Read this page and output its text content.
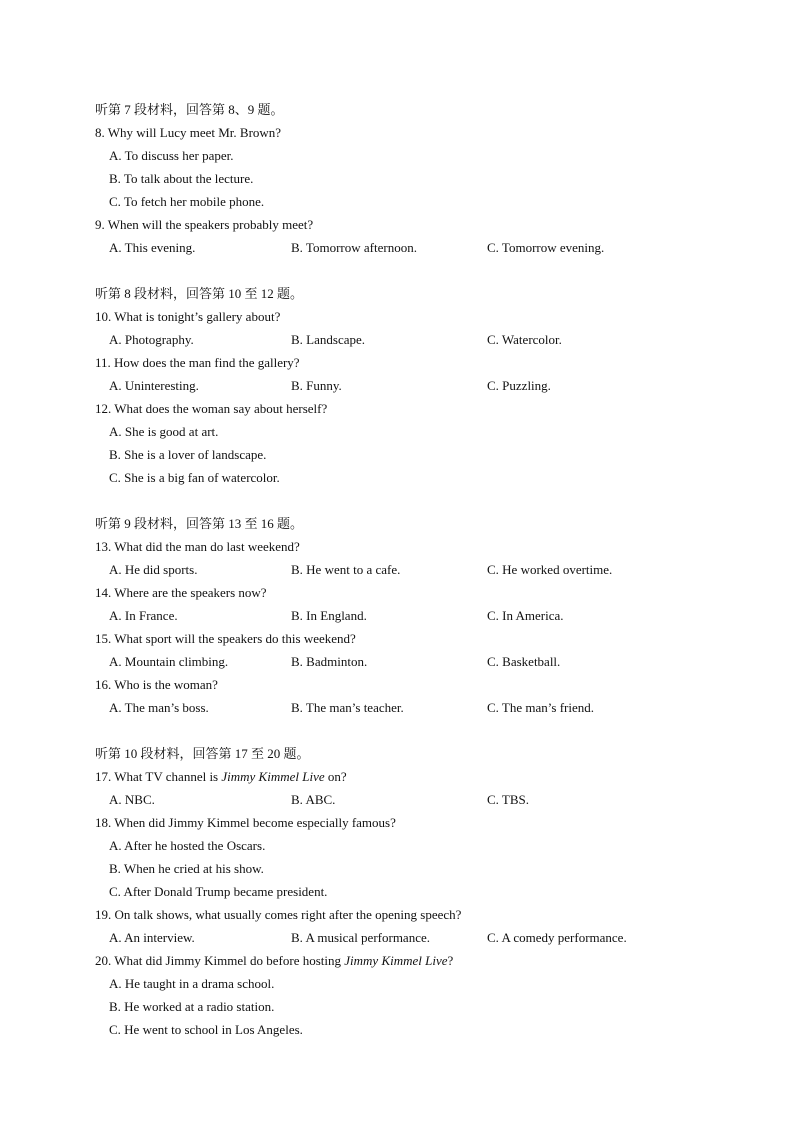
听第 7 段材料，回答第 8、9 题。
8. Why will Lucy meet Mr. Brown?
A. To discuss her paper.
B. To talk about the lecture.
C. To fetch her mobile phone.
9. When will the speakers probably meet?
A. This evening.	B. Tomorrow afternoon.	C. Tomorrow evening.
听第 8 段材料，回答第 10 至 12 题。
10. What is tonight’s gallery about?
A. Photography.	B. Landscape.	C. Watercolor.
11. How does the man find the gallery?
A. Uninteresting.	B. Funny.	C. Puzzling.
12. What does the woman say about herself?
A. She is good at art.
B. She is a lover of landscape.
C. She is a big fan of watercolor.
听第 9 段材料，回答第 13 至 16 题。
13. What did the man do last weekend?
A. He did sports.	B. He went to a cafe.	C. He worked overtime.
14. Where are the speakers now?
A. In France.	B. In England.	C. In America.
15. What sport will the speakers do this weekend?
A. Mountain climbing.	B. Badminton.	C. Basketball.
16. Who is the woman?
A. The man’s boss.	B. The man’s teacher.	C. The man’s friend.
听第 10 段材料，回答第 17 至 20 题。
17. What TV channel is Jimmy Kimmel Live on?
A. NBC.	B. ABC.	C. TBS.
18. When did Jimmy Kimmel become especially famous?
A. After he hosted the Oscars.
B. When he cried at his show.
C. After Donald Trump became president.
19. On talk shows, what usually comes right after the opening speech?
A. An interview.	B. A musical performance.	C. A comedy performance.
20. What did Jimmy Kimmel do before hosting Jimmy Kimmel Live?
A. He taught in a drama school.
B. He worked at a radio station.
C. He went to school in Los Angeles.
